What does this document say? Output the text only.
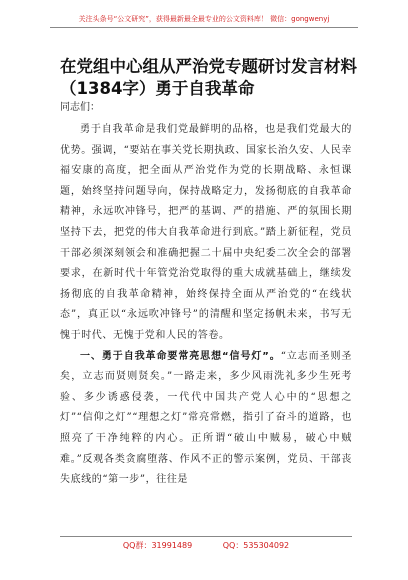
关注头条号“公文研究”，获得最新最全最专业的公文资料库！ 微信：gongwenyj
在党组中心组从严治党专题研讨发言材料（1384字）勇于自我革命
同志们：

勇于自我革命是我们党最鲜明的品格，也是我们党最大的优势。强调，“要站在事关党长期执政、国家长治久安、人民幸福安康的高度，把全面从严治党作为党的长期战略、永恒课题，始终坚持问题导向，保持战略定力，发扬彻底的自我革命精神，永远吹冲锋号，把严的基调、严的措施、严的氛围长期坚持下去，把党的伟大自我革命进行到底。”踏上新征程，党员干部必须深刻领会和准确把握二十届中央纪委二次全会的部署要求，在新时代十年管党治党取得的重大成就基础上，继续发扬彻底的自我革命精神，始终保持全面从严治党的“在线状态”，真正以“永远吹冲锋号”的清醒和坚定扬帆未来，书写无愧于时代、无愧于党和人民的答卷。

一、勇于自我革命要常亮思想“信号灯”。“立志而圣则圣矣，立志而贤则贤矣。”一路走来，多少风雨洗礼多少生死考验、多少诱惑侵袭，一代代中国共产党人心中的“思想之灯”“信仰之灯”“理想之灯”常亮常燃，指引了奋斗的道路，也照亮了干净纯粹的内心。正所谓“破山中贼易，破心中贼难。”反观各类贪腐堕落、作风不正的警示案例，党员、干部丧失底线的“第一步”，往往是

QQ群：31991489	QQ：535304092
